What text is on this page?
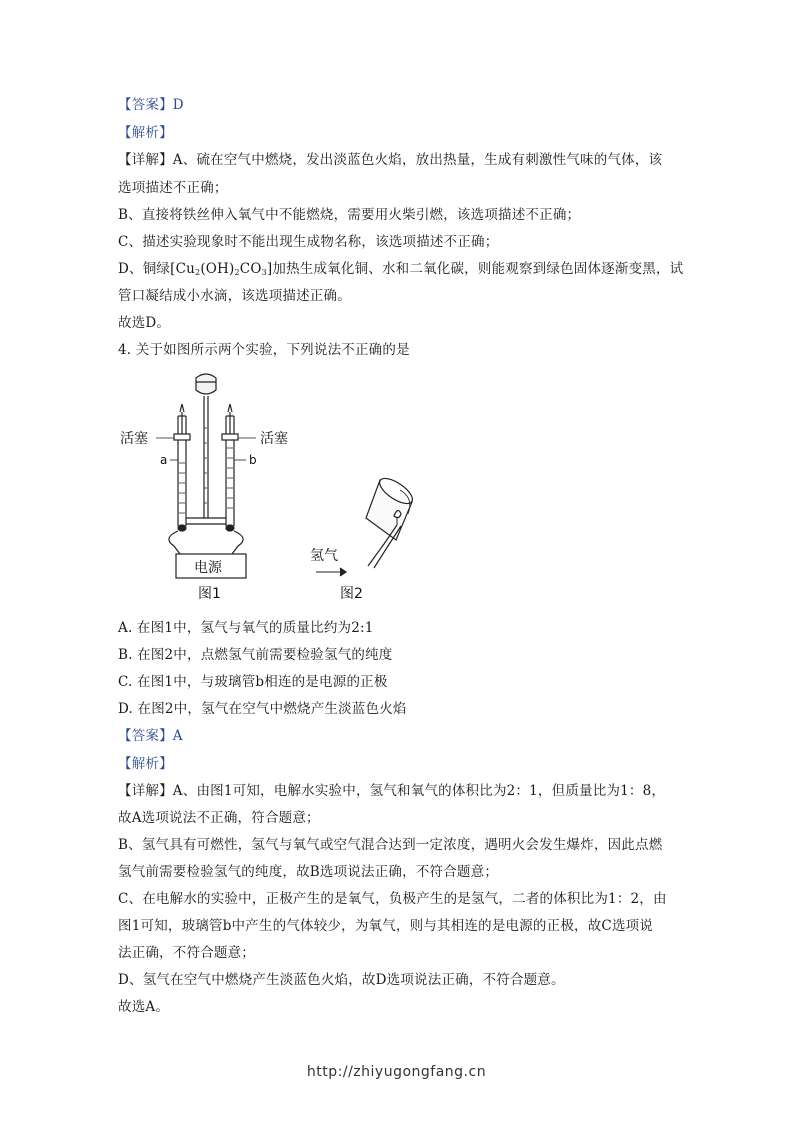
【答案】D
【解析】
【详解】A、硫在空气中燃烧，发出淡蓝色火焰，放出热量，生成有刺激性气味的气体，该
选项描述不正确；
B、直接将铁丝伸入氧气中不能燃烧，需要用火柴引燃，该选项描述不正确；
C、描述实验现象时不能出现生成物名称，该选项描述不正确；
D、铜绿$[Cu_2(OH)_2CO_3]$加热生成氧化铜、水和二氧化碳，则能观察到绿色固体逐渐变黑，试
管口凝结成小水滴，该选项描述正确。
故选D。
4. 关于如图所示两个实验，下列说法不正确的是
活塞	活塞
a	b
电源
图1
氢气
图2
A. 在图1中，氢气与氧气的质量比约为2:1
B. 在图2中，点燃氢气前需要检验氢气的纯度
C. 在图1中，与玻璃管b相连的是电源的正极
D. 在图2中，氢气在空气中燃烧产生淡蓝色火焰
【答案】A
【解析】
【详解】A、由图1可知，电解水实验中，氢气和氧气的体积比为2：1，但质量比为1：8，
故A选项说法不正确，符合题意；
B、氢气具有可燃性，氢气与氧气或空气混合达到一定浓度，遇明火会发生爆炸，因此点燃
氢气前需要检验氢气的纯度，故B选项说法正确，不符合题意；
C、在电解水的实验中，正极产生的是氧气，负极产生的是氢气，二者的体积比为1：2，由
图1可知，玻璃管b中产生的气体较少，为氧气，则与其相连的是电源的正极，故C选项说
法正确，不符合题意；
D、氢气在空气中燃烧产生淡蓝色火焰，故D选项说法正确，不符合题意。
故选A。
http://zhiyugongfang.cn
